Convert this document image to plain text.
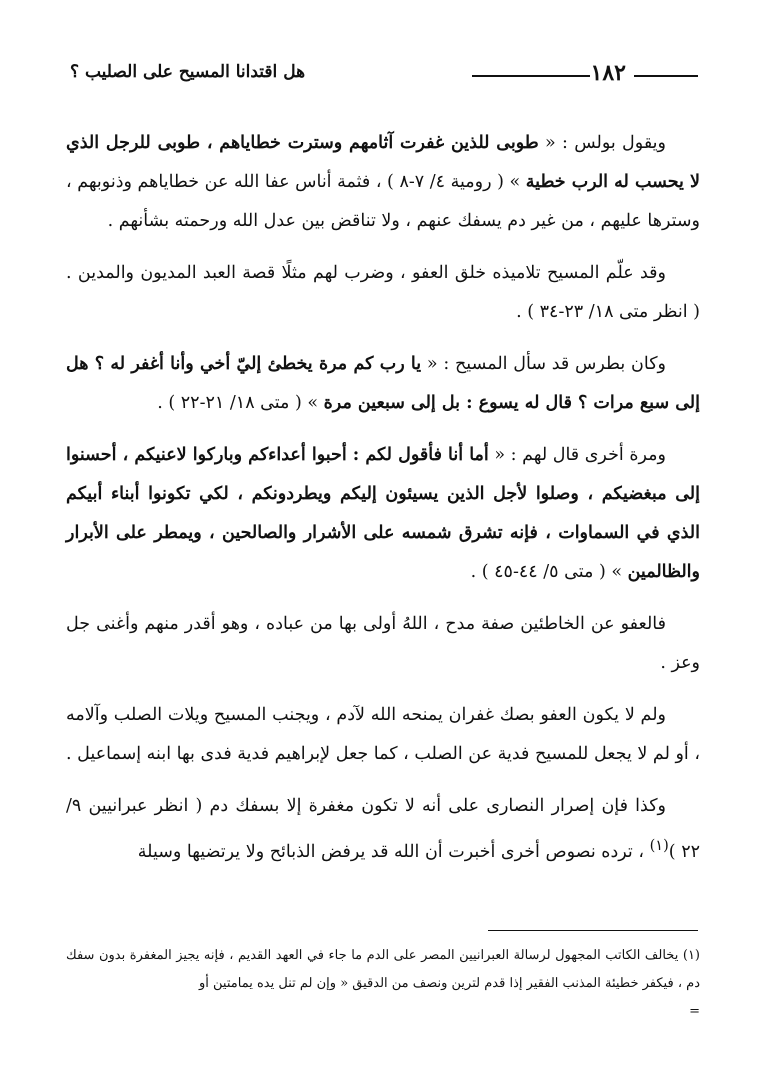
١٨٢
هل اقتدانا المسيح على الصليب ؟

ويقول بولس : « طوبى للذين غفرت آثامهم وسترت خطاياهم ، طوبى للرجل الذي لا يحسب له الرب خطية » ( رومية ٤/ ٧-٨ ) ، فثمة أناس عفا الله عن خطاياهم وذنوبهم ، وسترها عليهم ، من غير دم يسفك عنهم ، ولا تناقض بين عدل الله ورحمته بشأنهم .

وقد علّم المسيح تلاميذه خلق العفو ، وضرب لهم مثلًا قصة العبد المديون والمدين . ( انظر متى ١٨/ ٢٣-٣٤ ) .

وكان بطرس قد سأل المسيح : « يا رب كم مرة يخطئ إليّ أخي وأنا أغفر له ؟ هل إلى سبع مرات ؟ قال له يسوع : بل إلى سبعين مرة » ( متى ١٨/ ٢١-٢٢ ) .

ومرة أخرى قال لهم : « أما أنا فأقول لكم : أحبوا أعداءكم وباركوا لاعنيكم ، أحسنوا إلى مبغضيكم ، وصلوا لأجل الذين يسيئون إليكم ويطردونكم ، لكي تكونوا أبناء أبيكم الذي في السماوات ، فإنه تشرق شمسه على الأشرار والصالحين ، ويمطر على الأبرار والظالمين » ( متى ٥/ ٤٤-٤٥ ) .

فالعفو عن الخاطئين صفة مدح ، اللهُ أولى بها من عباده ، وهو أقدر منهم وأغنى جل وعز .

ولم لا يكون العفو بصك غفران يمنحه الله لآدم ، ويجنب المسيح ويلات الصلب وآلامه ، أو لم لا يجعل للمسيح فدية عن الصلب ، كما جعل لإبراهيم فدية فدى بها ابنه إسماعيل .

وكذا فإن إصرار النصارى على أنه لا تكون مغفرة إلا بسفك دم ( انظر عبرانيين ٩/ ٢٢ )$^{(١)}$ ، ترده نصوص أخرى أخبرت أن الله قد يرفض الذبائح ولا يرتضيها وسيلة

(١) يخالف الكاتب المجهول لرسالة العبرانيين المصر على الدم ما جاء في العهد القديم ، فإنه يجيز المغفرة بدون سفك دم ، فيكفر خطيئة المذنب الفقير إذا قدم لترين ونصف من الدقيق « وإن لم تنل يده يمامتين أو
=
